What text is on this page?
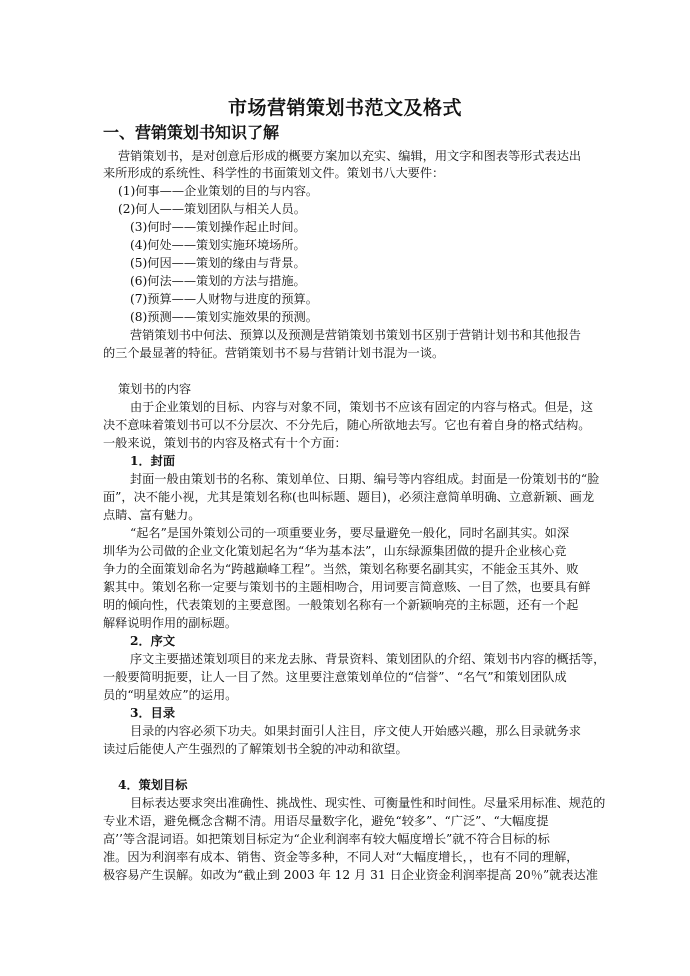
市场营销策划书范文及格式
一、营销策划书知识了解
营销策划书，是对创意后形成的概要方案加以充实、编辑，用文字和图表等形式表达出
来所形成的系统性、科学性的书面策划文件。策划书八大要件：
(1)何事——企业策划的目的与内容。
(2)何人——策划团队与相关人员。
(3)何时——策划操作起止时间。
(4)何处——策划实施环境场所。
(5)何因——策划的缘由与背景。
(6)何法——策划的方法与措施。
(7)预算——人财物与进度的预算。
(8)预测——策划实施效果的预测。
营销策划书中何法、预算以及预测是营销策划书策划书区别于营销计划书和其他报告
的三个最显著的特征。营销策划书不易与营销计划书混为一谈。
策划书的内容
由于企业策划的目标、内容与对象不同，策划书不应该有固定的内容与格式。但是，这
决不意味着策划书可以不分层次、不分先后，随心所欲地去写。它也有着自身的格式结构。
一般来说，策划书的内容及格式有十个方面：
1．封面
封面一般由策划书的名称、策划单位、日期、编号等内容组成。封面是一份策划书的“脸
面”，决不能小视，尤其是策划名称(也叫标题、题目)，必须注意简单明确、立意新颖、画龙
点睛、富有魅力。
“起名”是国外策划公司的一项重要业务，要尽量避免一般化，同时名副其实。如深
圳华为公司做的企业文化策划起名为“华为基本法”，山东绿源集团做的提升企业核心竞
争力的全面策划命名为“跨越巅峰工程”。当然，策划名称要名副其实，不能金玉其外、败
絮其中。策划名称一定要与策划书的主题相吻合，用词要言简意赅、一目了然，也要具有鲜
明的倾向性，代表策划的主要意图。一般策划名称有一个新颖响亮的主标题，还有一个起
解释说明作用的副标题。
2．序文
序文主要描述策划项目的来龙去脉、背景资料、策划团队的介绍、策划书内容的概括等，
一般要简明扼要，让人一目了然。这里要注意策划单位的“信誉”、“名气”和策划团队成
员的“明星效应”的运用。
3．目录
目录的内容必须下功夫。如果封面引人注目，序文使人开始感兴趣，那么目录就务求
读过后能使人产生强烈的了解策划书全貌的冲动和欲望。
4．策划目标
目标表达要求突出准确性、挑战性、现实性、可衡量性和时间性。尽量采用标准、规范的
专业术语，避免概念含糊不清。用语尽量数字化，避免“较多”、“广泛”、“大幅度提
高’’等含混词语。如把策划目标定为“企业利润率有较大幅度增长”就不符合目标的标
准。因为利润率有成本、销售、资金等多种，不同人对“大幅度增长，，也有不同的理解，
极容易产生误解。如改为“截止到 2003 年 12 月 31 日企业资金利润率提高 20％”就表达准
